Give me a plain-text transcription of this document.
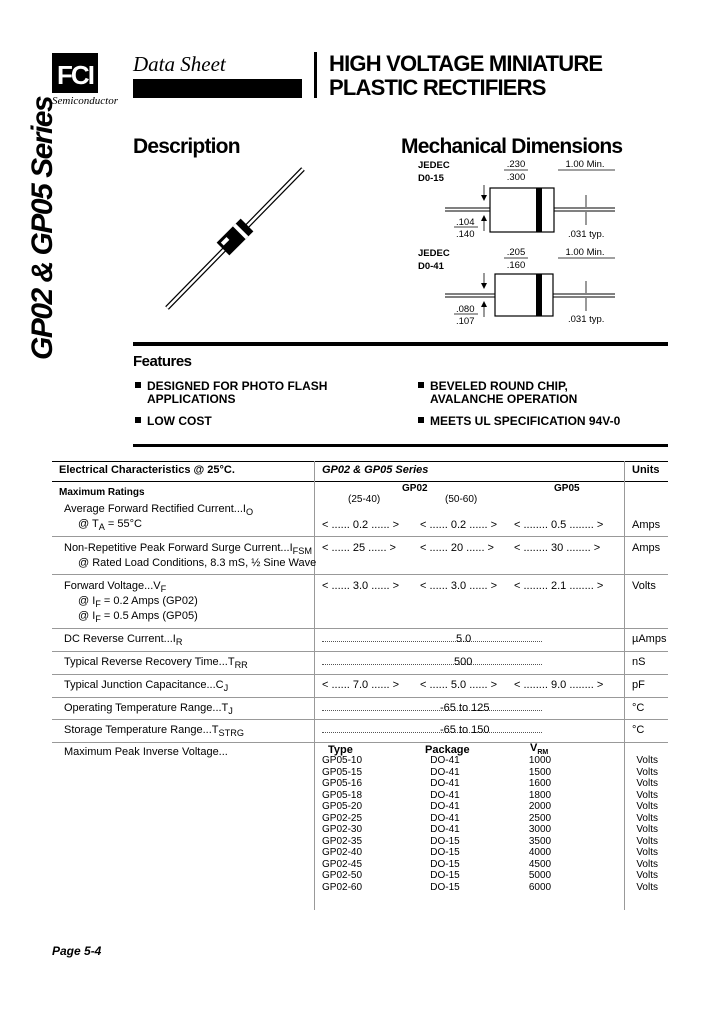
FCI
Semiconductor
Data Sheet	HIGH VOLTAGE MINIATURE
PLASTIC RECTIFIERS
GP02 & GP05 Series	Description	Mechanical Dimensions
JEDEC
D0-15
.230
.300
1.00 Min.
.104
.140	.031 typ.
JEDEC
D0-41
.205
.160
1.00 Min.
.080
.107	.031 typ.
Features
DESIGNED FOR PHOTO FLASH
APPLICATIONS
LOW COST
BEVELED ROUND CHIP,
AVALANCHE OPERATION
MEETS UL SPECIFICATION 94V-0
Electrical Characteristics @ 25°C.	GP02 & GP05 Series	Units
Maximum Ratings	GP02	GP05
(25-40)	(50-60)
Average Forward Rectified $Current...I_O$
@ $T_A = 55^\circ C$	< ...... 0.2 ...... > < ...... 0.2 ...... > < ........ 0.5 ........ >	Amps
Non-Repetitive Peak Forward Surge $Current...I_{FSM}$
@ Rated Load Conditions, 8.3 mS, ½ Sine Wave
< ...... 25 ...... > < ...... 20 ...... > < ........ 30 ........ >	Amps
Forward $Voltage...V_F$
@ $I_F = 0.2$ Amps (GP02)
@ $I_F = 0.5$ Amps (GP05)
< ...... 3.0 ...... > < ...... 3.0 ...... > < ........ 2.1 ........ >	Volts
DC Reverse $Current...I_R$	5.0	µAmps
Typical Reverse Recovery $Time...T_{RR}$	500	nS
Typical Junction $Capacitance...C_J$	< ...... 7.0 ...... > < ...... 5.0 ...... > < ........ 9.0 ........ >	pF
Operating Temperature $Range...T_J$	-65 to 125	°C
Storage Temperature $Range...T_{STRG}$	-65 to 150	°C
Maximum Peak Inverse Voltage...	Type	Package	$V_{RM}$
GP05-10	DO-41	1000	Volts
GP05-15	DO-41	1500	Volts
GP05-16	DO-41	1600	Volts
GP05-18	DO-41	1800	Volts
GP05-20	DO-41	2000	Volts
GP02-25	DO-41	2500	Volts
GP02-30	DO-41	3000	Volts
GP02-35	DO-15	3500	Volts
GP02-40	DO-15	4000	Volts
GP02-45	DO-15	4500	Volts
GP02-50	DO-15	5000	Volts
GP02-60	DO-15	6000	Volts
Page 5-4
